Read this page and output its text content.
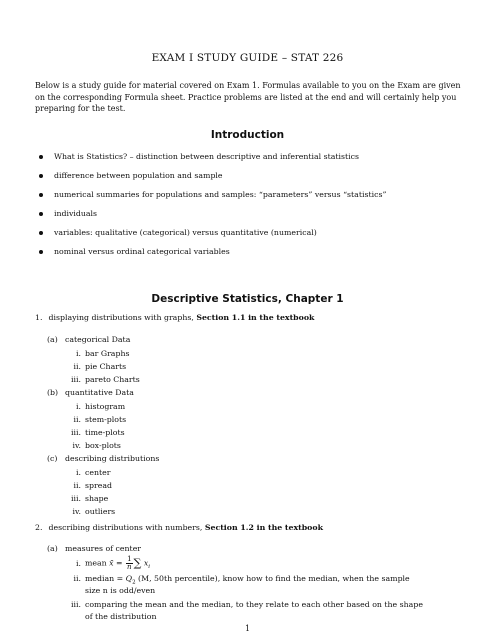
EXAM I STUDY GUIDE – STAT 226
Below is a study guide for material covered on Exam 1. Formulas available to you on the Exam are given on the corresponding Formula sheet. Practice problems are listed at the end and will certainly help you preparing for the test.
Introduction
What is Statistics? – distinction between descriptive and inferential statistics
difference between population and sample
numerical summaries for populations and samples: “parameters” versus “statistics”
individuals
variables: qualitative (categorical) versus quantitative (numerical)
nominal versus ordinal categorical variables
Descriptive Statistics, Chapter 1
1. displaying distributions with graphs, Section 1.1 in the textbook
(a) categorical Data
i. bar Graphs
ii. pie Charts
iii. pareto Charts
(b) quantitative Data
i. histogram
ii. stem-plots
iii. time-plots
iv. box-plots
(c) describing distributions
i. center
ii. spread
iii. shape
iv. outliers
2. describing distributions with numbers, Section 1.2 in the textbook
(a) measures of center
i. mean x̄ = $\frac{1}{n}$ ∑ $x_i$
ii. median = $Q_2$ (M, 50th percentile), know how to find the median, when the sample
size n is odd/even
iii. comparing the mean and the median, to they relate to each other based on the shape
of the distribution
1
